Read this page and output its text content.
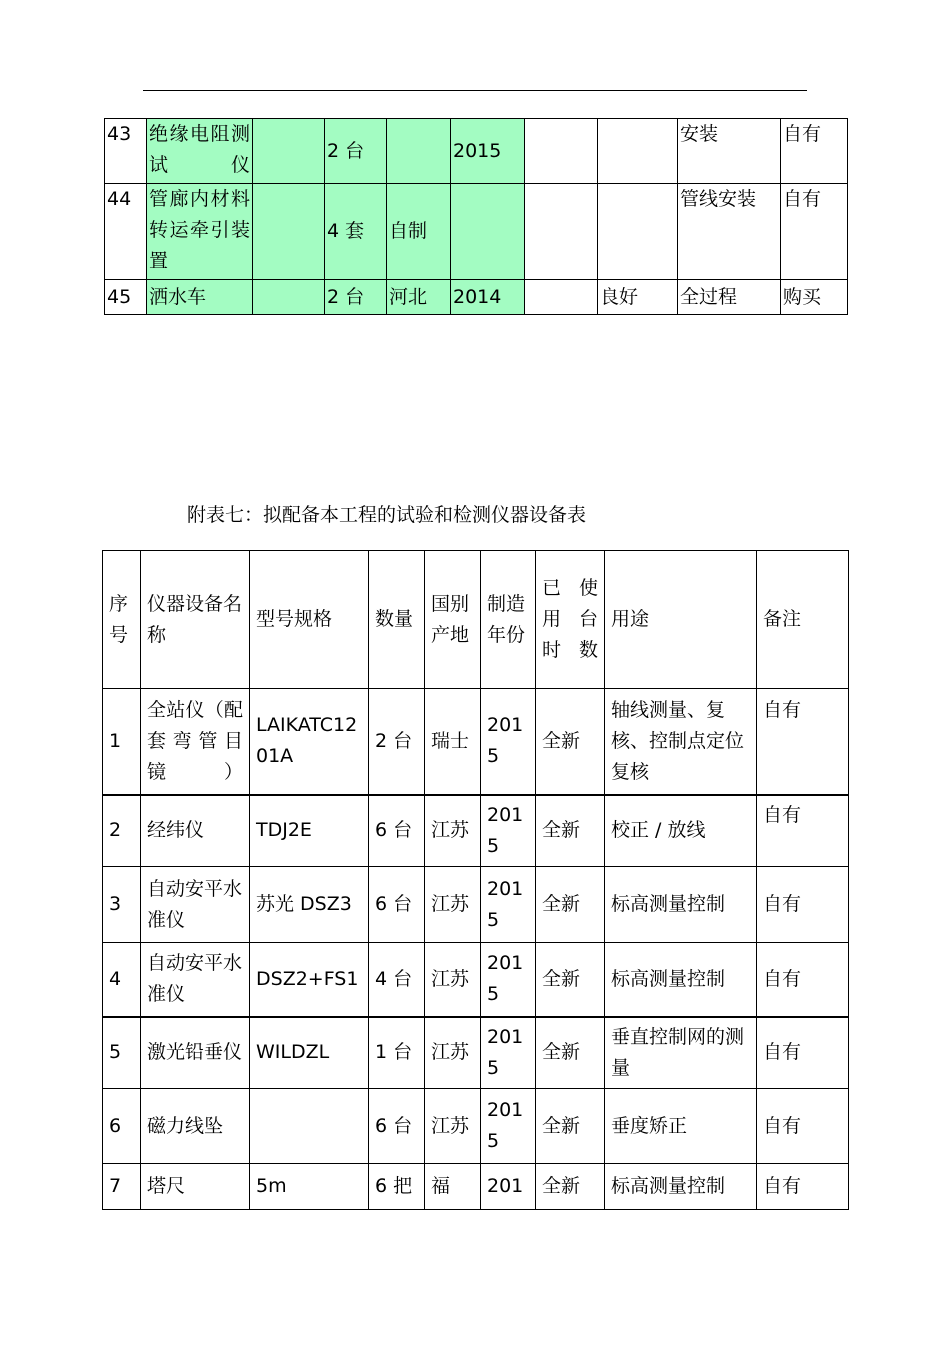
43	绝缘电阻测试仪		2 台		2015			安装	自有
44	管廊内材料转运牵引装置		4 套	自制				管线安装	自有
45	洒水车		2 台	河北	2014		良好	全过程	购买
附表七：拟配备本工程的试验和检测仪器设备表
序号	仪器设备名称	型号规格	数量	国别产地	制造年份	已使用台时数	用途	备注
1	全站仪（配套弯管目镜）	LAIKATC1201A	2 台	瑞士	2015	全新	轴线测量、复核、控制点定位复核	自有
2	经纬仪	TDJ2E	6 台	江苏	2015	全新	校正 / 放线	自有
3	自动安平水准仪	苏光 DSZ3	6 台	江苏	2015	全新	标高测量控制	自有
4	自动安平水准仪	DSZ2+FS1	4 台	江苏	2015	全新	标高测量控制	自有
5	激光铅垂仪	WILDZL	1 台	江苏	2015	全新	垂直控制网的测量	自有
6	磁力线坠		6 台	江苏	2015	全新	垂度矫正	自有
7	塔尺	5m	6 把	福	201	全新	标高测量控制	自有
